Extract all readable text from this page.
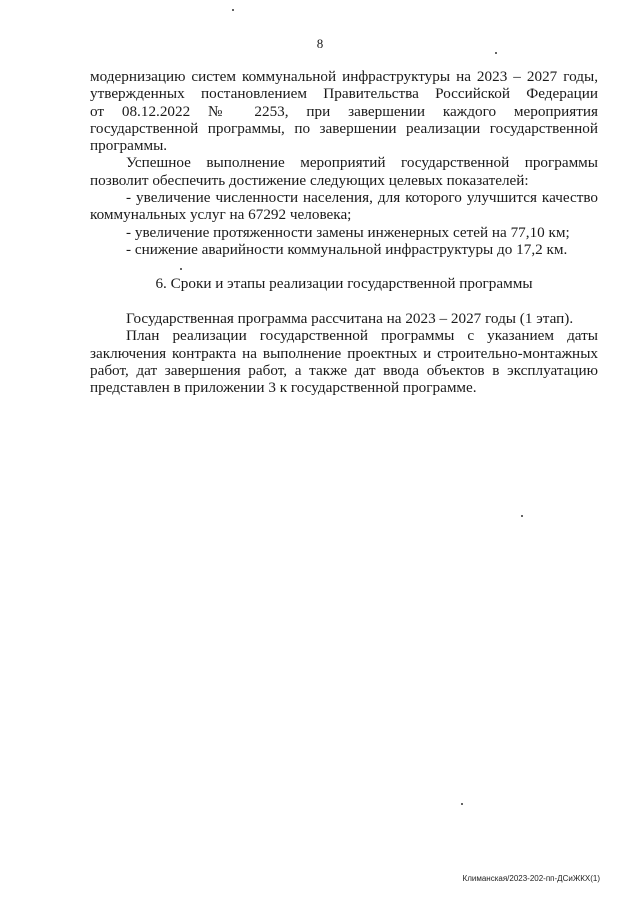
8

модернизацию систем коммунальной инфраструктуры на 2023 – 2027 годы,

утвержденных постановлением Правительства Российской Федерации

от 08.12.2022 № 2253, при завершении каждого мероприятия

государственной программы, по завершении реализации государственной

программы.

Успешное выполнение мероприятий государственной программы

позволит обеспечить достижение следующих целевых показателей:

- увеличение численности населения, для которого улучшится качество

коммунальных услуг на 67292 человека;

- увеличение протяженности замены инженерных сетей на 77,10 км;

- снижение аварийности коммунальной инфраструктуры до 17,2 км.

6. Сроки и этапы реализации государственной программы

Государственная программа рассчитана на 2023 – 2027 годы (1 этап).

План реализации государственной программы с указанием даты

заключения контракта на выполнение проектных и строительно-монтажных

работ, дат завершения работ, а также дат ввода объектов в эксплуатацию

представлен в приложении 3 к государственной программе.

Климанская/2023-202-пп-ДСиЖКХ(1)
